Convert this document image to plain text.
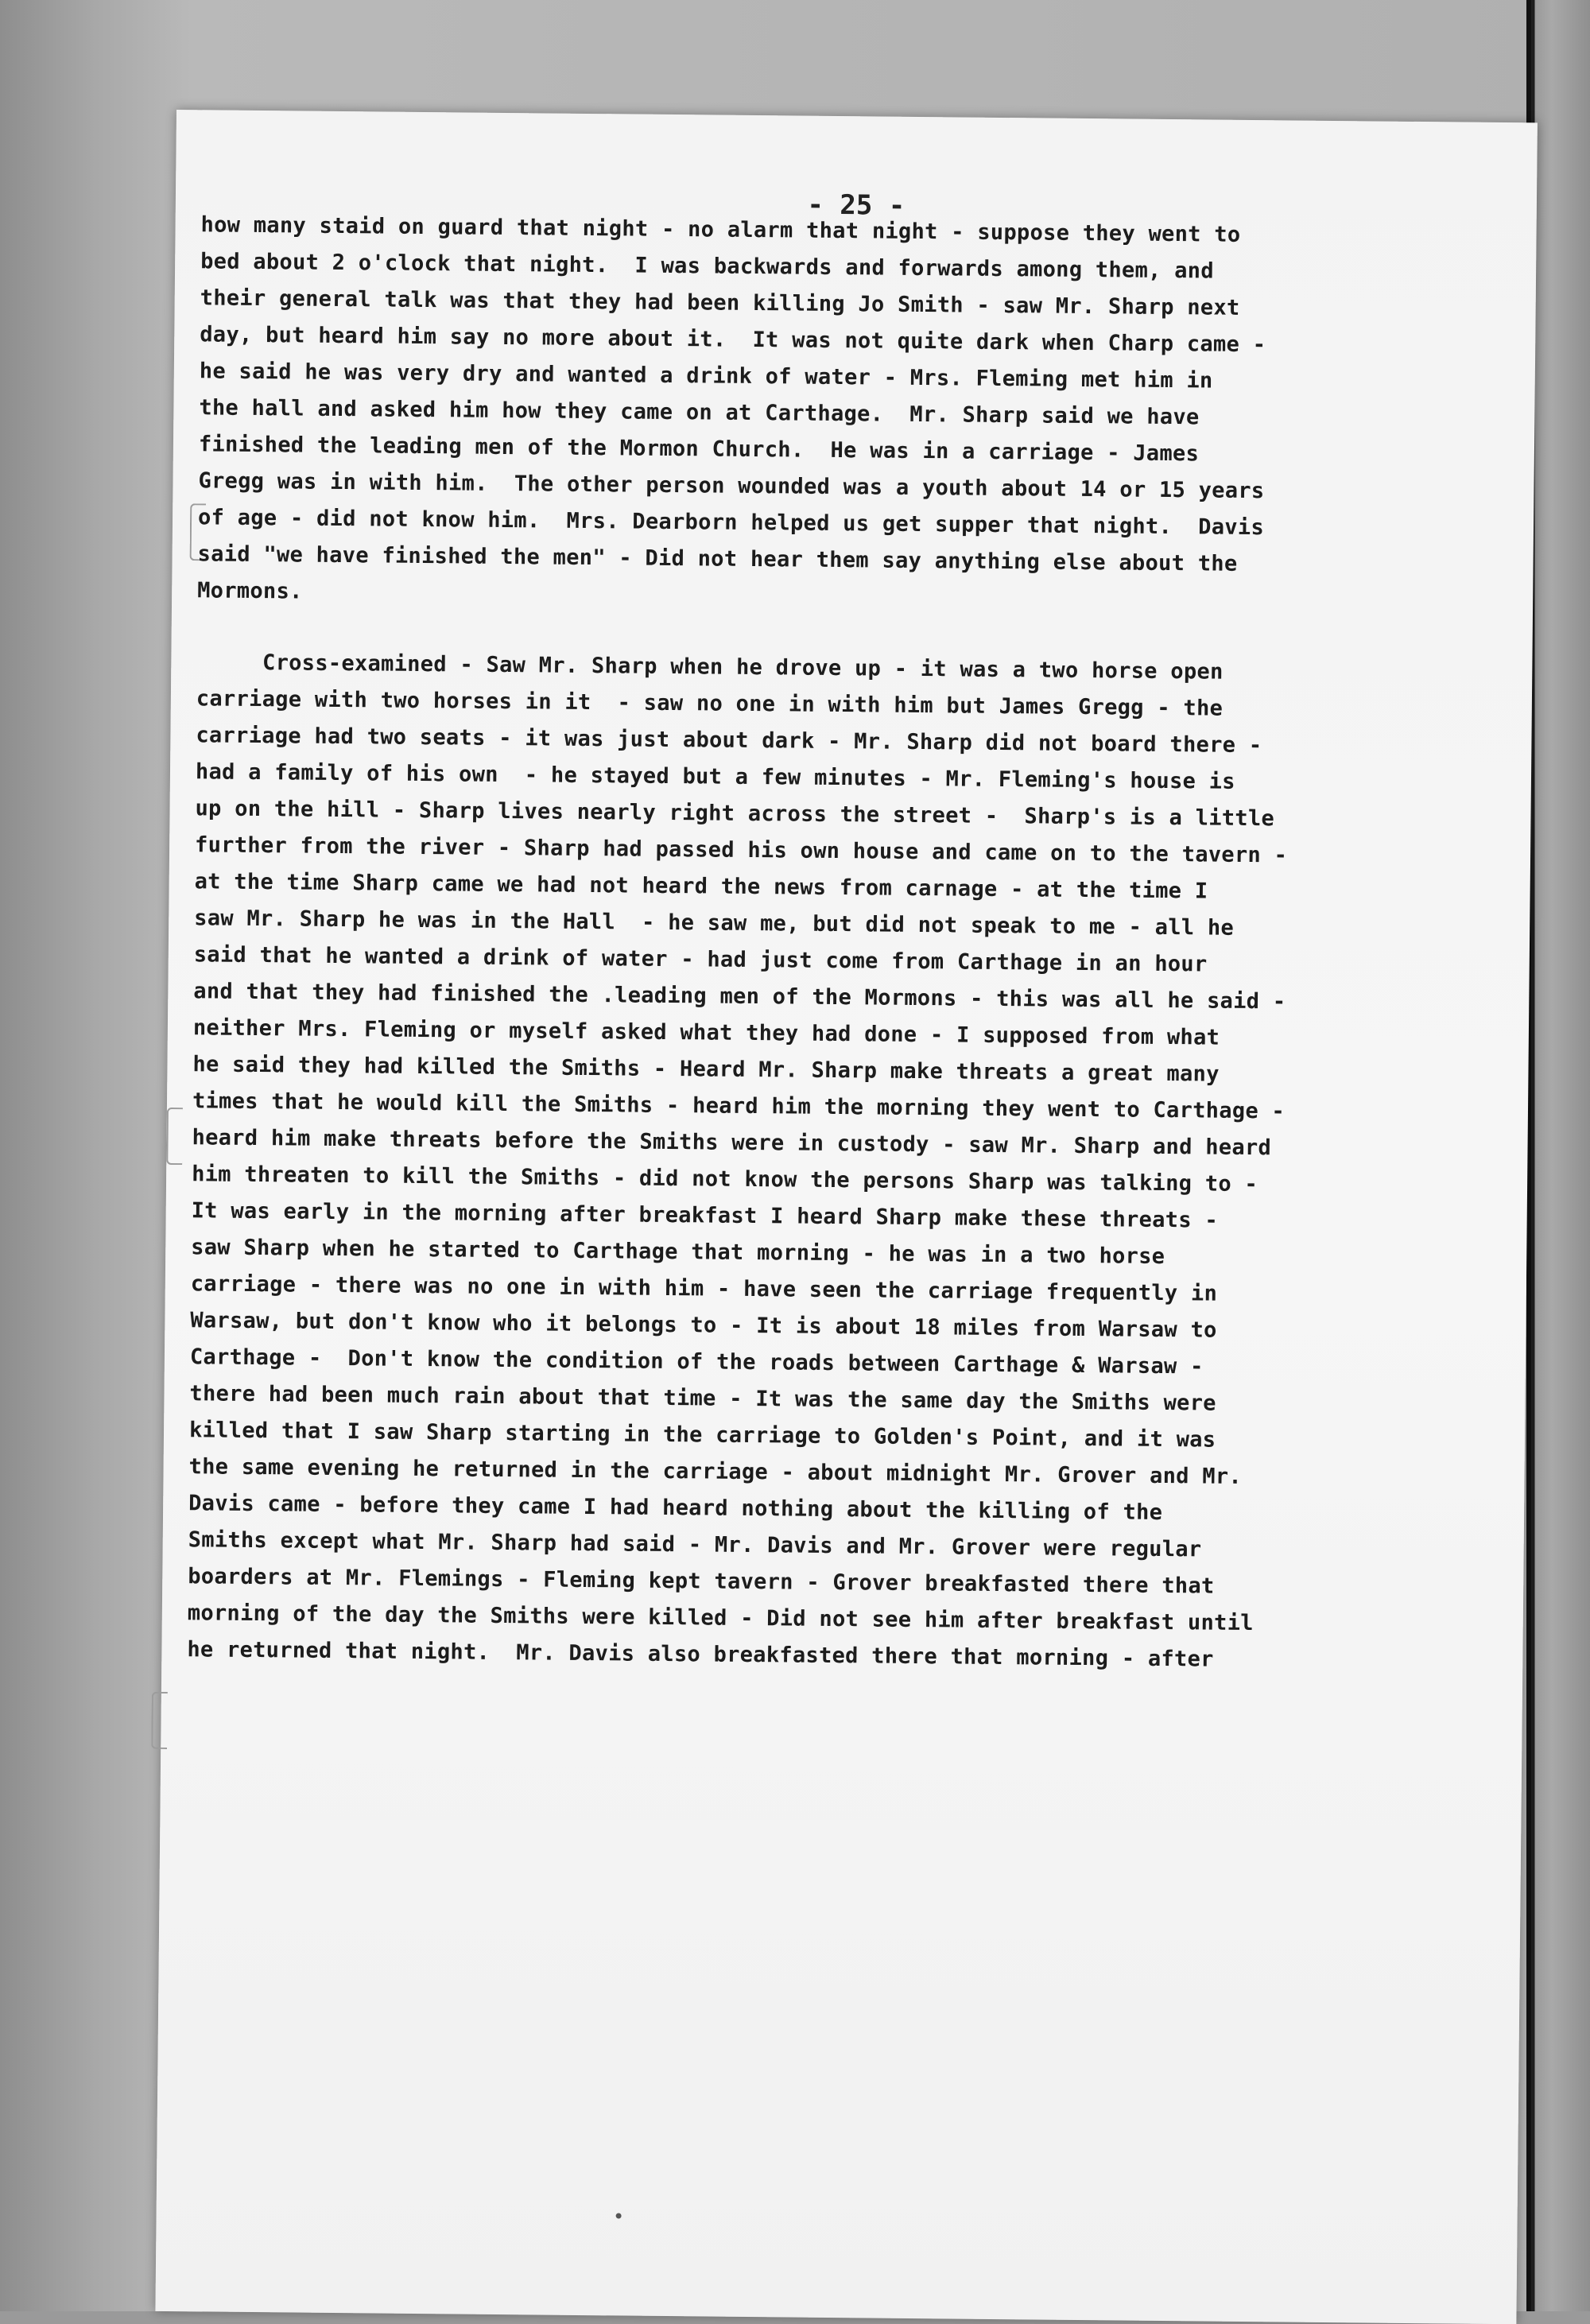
- 25 -
how many staid on guard that night - no alarm that night - suppose they went to
bed about 2 o'clock that night.  I was backwards and forwards among them, and
their general talk was that they had been killing Jo Smith - saw Mr. Sharp next
day, but heard him say no more about it.  It was not quite dark when Charp came -
he said he was very dry and wanted a drink of water - Mrs. Fleming met him in
the hall and asked him how they came on at Carthage.  Mr. Sharp said we have
finished the leading men of the Mormon Church.  He was in a carriage - James
Gregg was in with him.  The other person wounded was a youth about 14 or 15 years
of age - did not know him.  Mrs. Dearborn helped us get supper that night.  Davis
said "we have finished the men" - Did not hear them say anything else about the
Mormons.
Cross-examined - Saw Mr. Sharp when he drove up - it was a two horse open
carriage with two horses in it  - saw no one in with him but James Gregg - the
carriage had two seats - it was just about dark - Mr. Sharp did not board there -
had a family of his own  - he stayed but a few minutes - Mr. Fleming's house is
up on the hill - Sharp lives nearly right across the street -  Sharp's is a little
further from the river - Sharp had passed his own house and came on to the tavern -
at the time Sharp came we had not heard the news from carnage - at the time I
saw Mr. Sharp he was in the Hall  - he saw me, but did not speak to me - all he
said that he wanted a drink of water - had just come from Carthage in an hour
and that they had finished the .leading men of the Mormons - this was all he said -
neither Mrs. Fleming or myself asked what they had done - I supposed from what
he said they had killed the Smiths - Heard Mr. Sharp make threats a great many
times that he would kill the Smiths - heard him the morning they went to Carthage -
heard him make threats before the Smiths were in custody - saw Mr. Sharp and heard
him threaten to kill the Smiths - did not know the persons Sharp was talking to -
It was early in the morning after breakfast I heard Sharp make these threats -
saw Sharp when he started to Carthage that morning - he was in a two horse
carriage - there was no one in with him - have seen the carriage frequently in
Warsaw, but don't know who it belongs to - It is about 18 miles from Warsaw to
Carthage -  Don't know the condition of the roads between Carthage & Warsaw -
there had been much rain about that time - It was the same day the Smiths were
killed that I saw Sharp starting in the carriage to Golden's Point, and it was
the same evening he returned in the carriage - about midnight Mr. Grover and Mr.
Davis came - before they came I had heard nothing about the killing of the
Smiths except what Mr. Sharp had said - Mr. Davis and Mr. Grover were regular
boarders at Mr. Flemings - Fleming kept tavern - Grover breakfasted there that
morning of the day the Smiths were killed - Did not see him after breakfast until
he returned that night.  Mr. Davis also breakfasted there that morning - after
